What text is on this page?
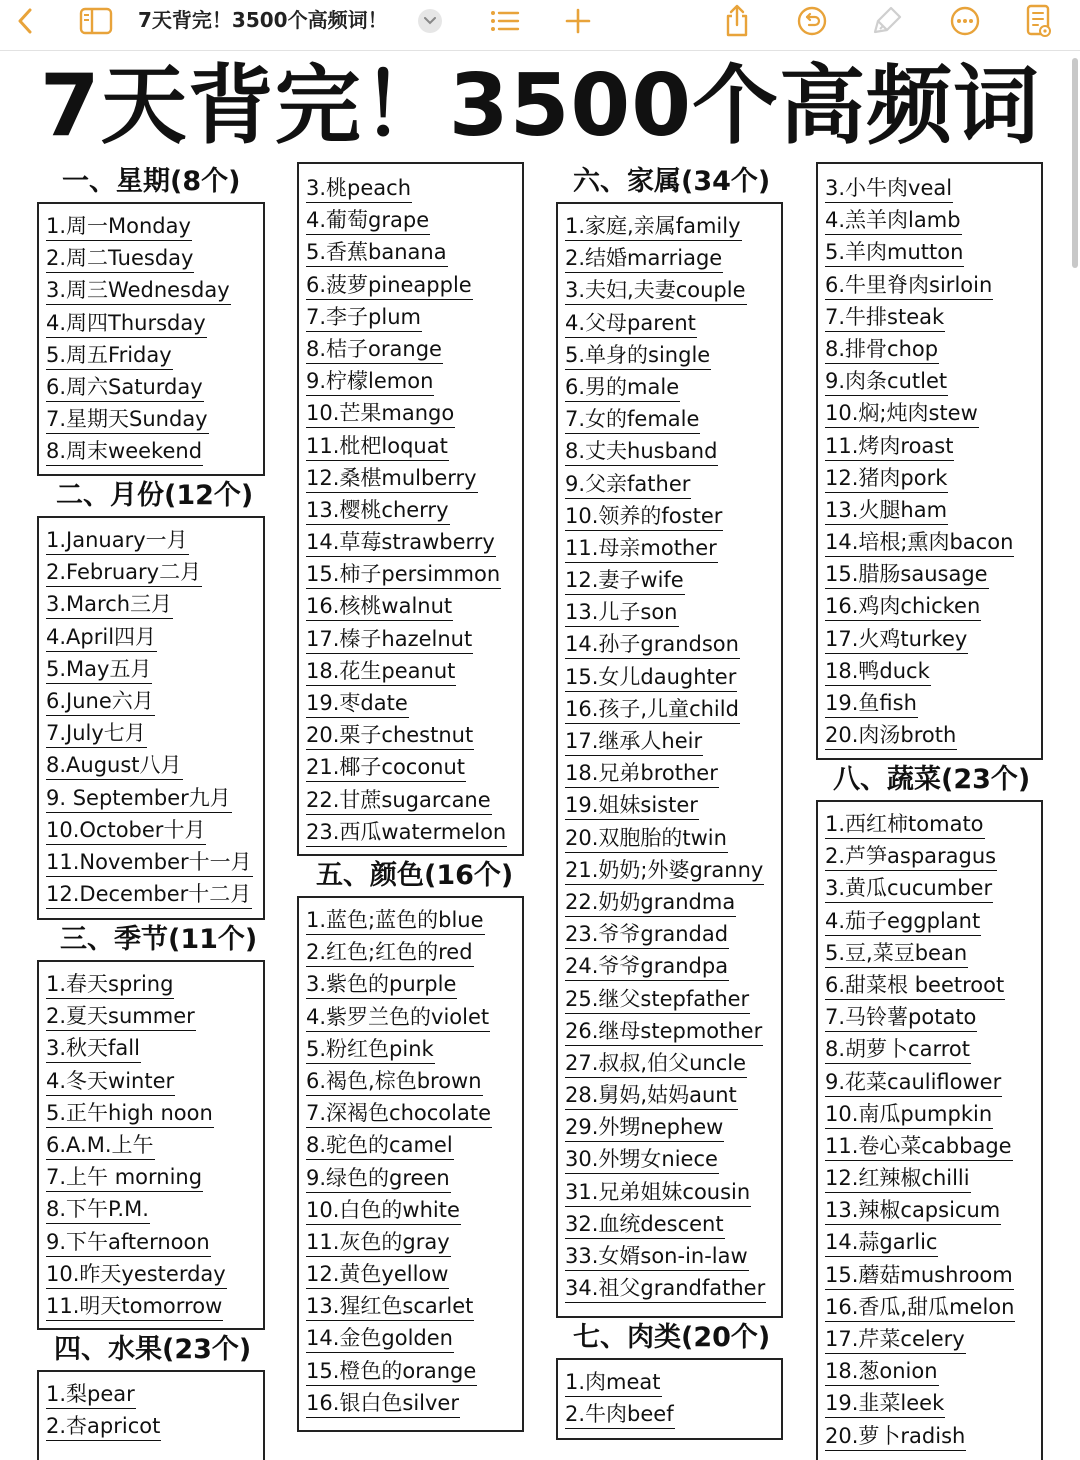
7天背完！3500个高频词！
7天背完！3500个高频词
一、星期(8个)
1.周一Monday
2.周二Tuesday
3.周三Wednesday
4.周四Thursday
5.周五Friday
6.周六Saturday
7.星期天Sunday
8.周末weekend
二、月份(12个)
1.January一月
2.February二月
3.March三月
4.April四月
5.May五月
6.June六月
7.July七月
8.August八月
9. September九月
10.October十月
11.November十一月
12.December十二月
三、季节(11个)
1.春天spring
2.夏天summer
3.秋天fall
4.冬天winter
5.正午high noon
6.A.M.上午
7.上午 morning
8.下午P.M.
9.下午afternoon
10.昨天yesterday
11.明天tomorrow
四、水果(23个)
1.梨pear
2.杏apricot
3.桃peach
4.葡萄grape
5.香蕉banana
6.菠萝pineapple
7.李子plum
8.桔子orange
9.柠檬lemon
10.芒果mango
11.枇杷loquat
12.桑椹mulberry
13.樱桃cherry
14.草莓strawberry
15.柿子persimmon
16.核桃walnut
17.榛子hazelnut
18.花生peanut
19.枣date
20.栗子chestnut
21.椰子coconut
22.甘蔗sugarcane
23.西瓜watermelon
五、颜色(16个)
1.蓝色;蓝色的blue
2.红色;红色的red
3.紫色的purple
4.紫罗兰色的violet
5.粉红色pink
6.褐色,棕色brown
7.深褐色chocolate
8.驼色的camel
9.绿色的green
10.白色的white
11.灰色的gray
12.黄色yellow
13.猩红色scarlet
14.金色golden
15.橙色的orange
16.银白色silver
六、家属(34个)
1.家庭,亲属family
2.结婚marriage
3.夫妇,夫妻couple
4.父母parent
5.单身的single
6.男的male
7.女的female
8.丈夫husband
9.父亲father
10.领养的foster
11.母亲mother
12.妻子wife
13.儿子son
14.孙子grandson
15.女儿daughter
16.孩子,儿童child
17.继承人heir
18.兄弟brother
19.姐妹sister
20.双胞胎的twin
21.奶奶;外婆granny
22.奶奶grandma
23.爷爷grandad
24.爷爷grandpa
25.继父stepfather
26.继母stepmother
27.叔叔,伯父uncle
28.舅妈,姑妈aunt
29.外甥nephew
30.外甥女niece
31.兄弟姐妹cousin
32.血统descent
33.女婿son-in-law
34.祖父grandfather
七、肉类(20个)
1.肉meat
2.牛肉beef
3.小牛肉veal
4.羔羊肉lamb
5.羊肉mutton
6.牛里脊肉sirloin
7.牛排steak
8.排骨chop
9.肉条cutlet
10.焖;炖肉stew
11.烤肉roast
12.猪肉pork
13.火腿ham
14.培根;熏肉bacon
15.腊肠sausage
16.鸡肉chicken
17.火鸡turkey
18.鸭duck
19.鱼fish
20.肉汤broth
八、蔬菜(23个)
1.西红柿tomato
2.芦笋asparagus
3.黄瓜cucumber
4.茄子eggplant
5.豆,菜豆bean
6.甜菜根 beetroot
7.马铃薯potato
8.胡萝卜carrot
9.花菜cauliflower
10.南瓜pumpkin
11.卷心菜cabbage
12.红辣椒chilli
13.辣椒capsicum
14.蒜garlic
15.蘑菇mushroom
16.香瓜,甜瓜melon
17.芹菜celery
18.葱onion
19.韭菜leek
20.萝卜radish
